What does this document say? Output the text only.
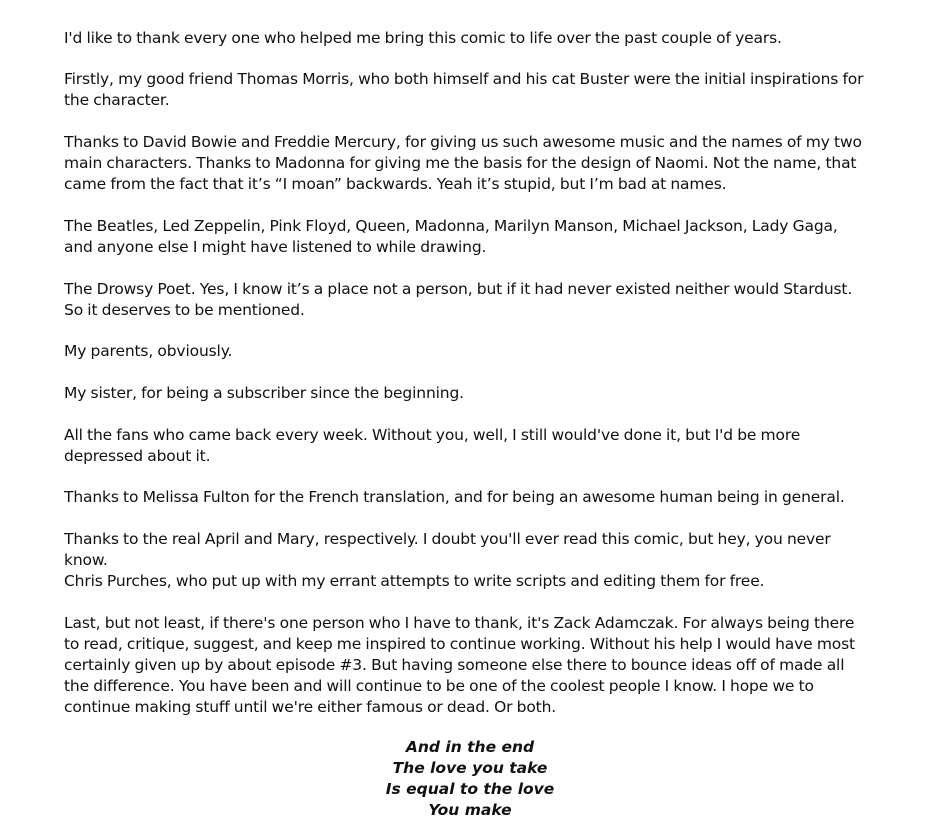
I'd like to thank every one who helped me bring this comic to life over the past couple of years.

Firstly, my good friend Thomas Morris, who both himself and his cat Buster were the initial inspirations for the character.

Thanks to David Bowie and Freddie Mercury, for giving us such awesome music and the names of my two main characters. Thanks to Madonna for giving me the basis for the design of Naomi. Not the name, that came from the fact that it’s “I moan” backwards. Yeah it’s stupid, but I’m bad at names.

The Beatles, Led Zeppelin, Pink Floyd, Queen, Madonna, Marilyn Manson, Michael Jackson, Lady Gaga, and anyone else I might have listened to while drawing.

The Drowsy Poet. Yes, I know it’s a place not a person, but if it had never existed neither would Stardust. So it deserves to be mentioned.

My parents, obviously.

My sister, for being a subscriber since the beginning.

All the fans who came back every week. Without you, well, I still would've done it, but I'd be more depressed about it.

Thanks to Melissa Fulton for the French translation, and for being an awesome human being in general.

Thanks to the real April and Mary, respectively. I doubt you'll ever read this comic, but hey, you never know.

Chris Purches, who put up with my errant attempts to write scripts and editing them for free.

Last, but not least, if there's one person who I have to thank, it's Zack Adamczak. For always being there to read, critique, suggest, and keep me inspired to continue working. Without his help I would have most certainly given up by about episode #3. But having someone else there to bounce ideas off of made all the difference. You have been and will continue to be one of the coolest people I know. I hope we to continue making stuff until we're either famous or dead. Or both.

And in the end
The love you take
Is equal to the love
You make
